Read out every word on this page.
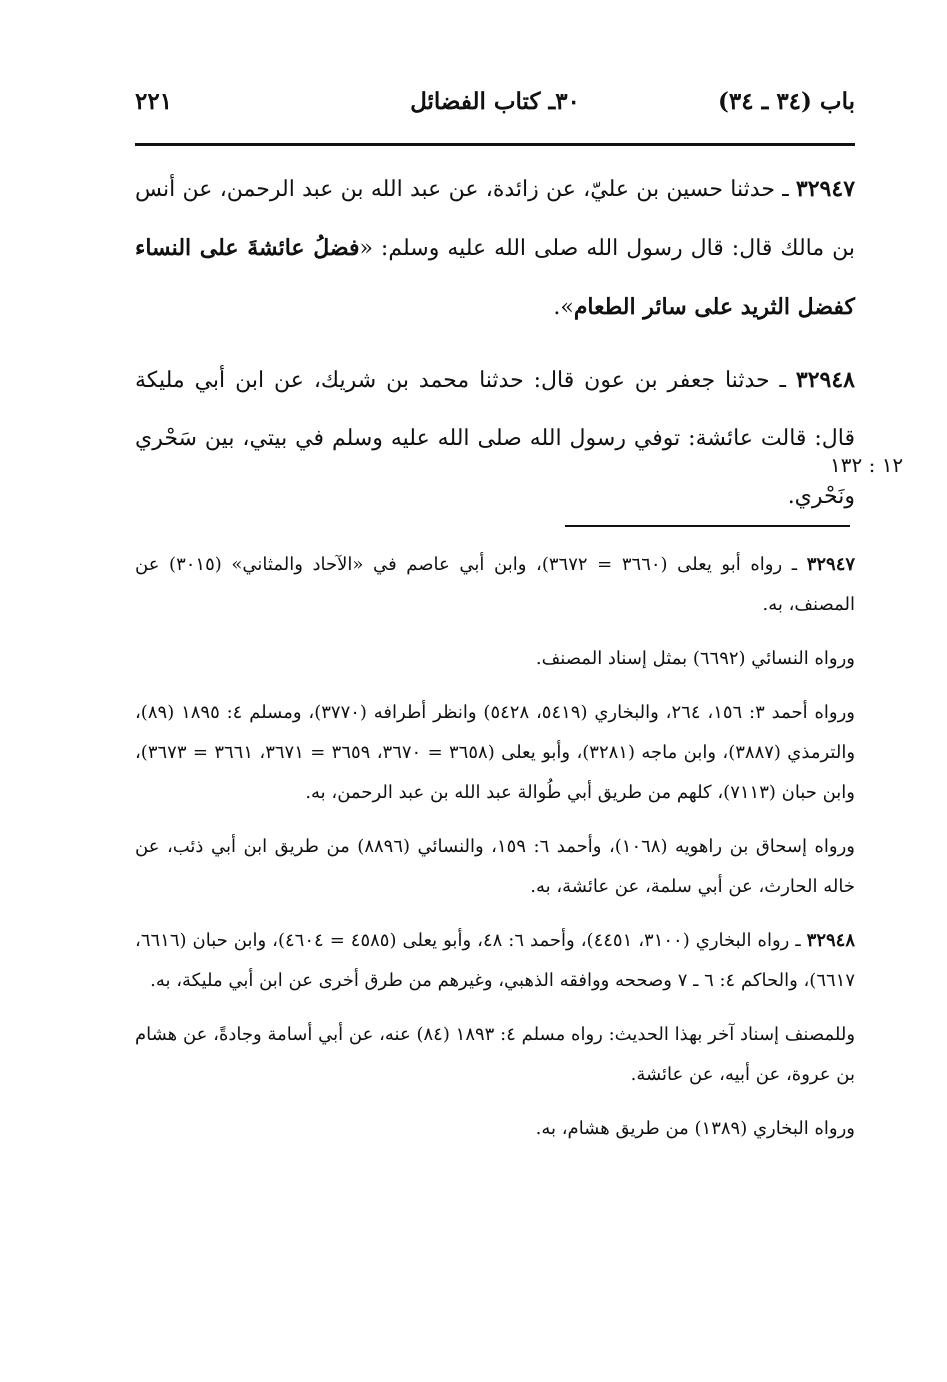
باب (٣٤ ـ ٣٤)
٣٠ـ كتاب الفضائل
٢٢١

٣٢٩٤٧ ـ حدثنا حسين بن عليّ، عن زائدة، عن عبد الله بن عبد الرحمن، عن أنس بن مالك قال: قال رسول الله صلى الله عليه وسلم: «فضلُ عائشةَ على النساء كفضل الثريد على سائر الطعام».

٣٢٩٤٨ ـ حدثنا جعفر بن عون قال: حدثنا محمد بن شريك، عن ابن أبي مليكة قال: قالت عائشة: توفي رسول الله صلى الله عليه وسلم في بيتي، بين سَحْري ونَحْري.

١٢ : ١٣٢

٣٢٩٤٧ ـ رواه أبو يعلى (٣٦٦٠ = ٣٦٧٢)، وابن أبي عاصم في «الآحاد والمثاني» (٣٠١٥) عن المصنف، به.

ورواه النسائي (٦٦٩٢) بمثل إسناد المصنف.

ورواه أحمد ٣: ١٥٦، ٢٦٤، والبخاري (٥٤١٩، ٥٤٢٨) وانظر أطرافه (٣٧٧٠)، ومسلم ٤: ١٨٩٥ (٨٩)، والترمذي (٣٨٨٧)، وابن ماجه (٣٢٨١)، وأبو يعلى (٣٦٥٨ = ٣٦٧٠، ٣٦٥٩ = ٣٦٧١، ٣٦٦١ = ٣٦٧٣)، وابن حبان (٧١١٣)، كلهم من طريق أبي طُوالة عبد الله بن عبد الرحمن، به.

ورواه إسحاق بن راهويه (١٠٦٨)، وأحمد ٦: ١٥٩، والنسائي (٨٨٩٦) من طريق ابن أبي ذئب، عن خاله الحارث، عن أبي سلمة، عن عائشة، به.

٣٢٩٤٨ ـ رواه البخاري (٣١٠٠، ٤٤٥١)، وأحمد ٦: ٤٨، وأبو يعلى (٤٥٨٥ = ٤٦٠٤)، وابن حبان (٦٦١٦، ٦٦١٧)، والحاكم ٤: ٦ ـ ٧ وصححه ووافقه الذهبي، وغيرهم من طرق أخرى عن ابن أبي مليكة، به.

وللمصنف إسناد آخر بهذا الحديث: رواه مسلم ٤: ١٨٩٣ (٨٤) عنه، عن أبي أسامة وجادةً، عن هشام بن عروة، عن أبيه، عن عائشة.

ورواه البخاري (١٣٨٩) من طريق هشام، به.
